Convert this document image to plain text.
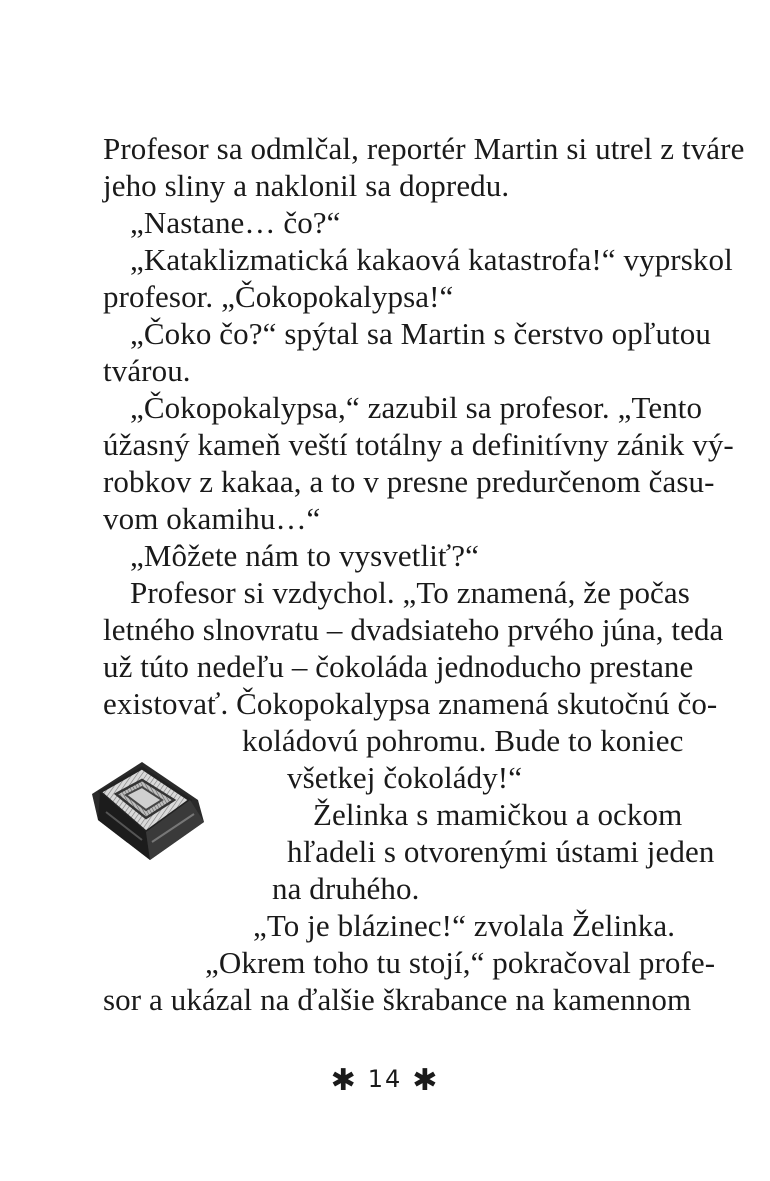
Profesor sa odmlčal, reportér Martin si utrel z tváre
jeho sliny a naklonil sa dopredu.
„Nastane… čo?“
„Kataklizmatická kakaová katastrofa!“ vyprskol
profesor. „Čokopokalypsa!“
„Čoko čo?“ spýtal sa Martin s čerstvo opľutou
tvárou.
„Čokopokalypsa,“ zazubil sa profesor. „Tento
úžasný kameň veští totálny a definitívny zánik vý-
robkov z kakaa, a to v presne predurčenom času-
vom okamihu…“
„Môžete nám to vysvetliť?“
Profesor si vzdychol. „To znamená, že počas
letného slnovratu – dvadsiateho prvého júna, teda
už túto nedeľu – čokoláda jednoducho prestane
existovať. Čokopokalypsa znamená skutočnú čo-
koládovú pohromu. Bude to koniec
všetkej čokolády!“
Želinka s mamičkou a ockom
hľadeli s otvorenými ústami jeden
na druhého.
„To je blázinec!“ zvolala Želinka.
„Okrem toho tu stojí,“ pokračoval profe-
sor a ukázal na ďalšie škrabance na kamennom
✱ 14 ✱
